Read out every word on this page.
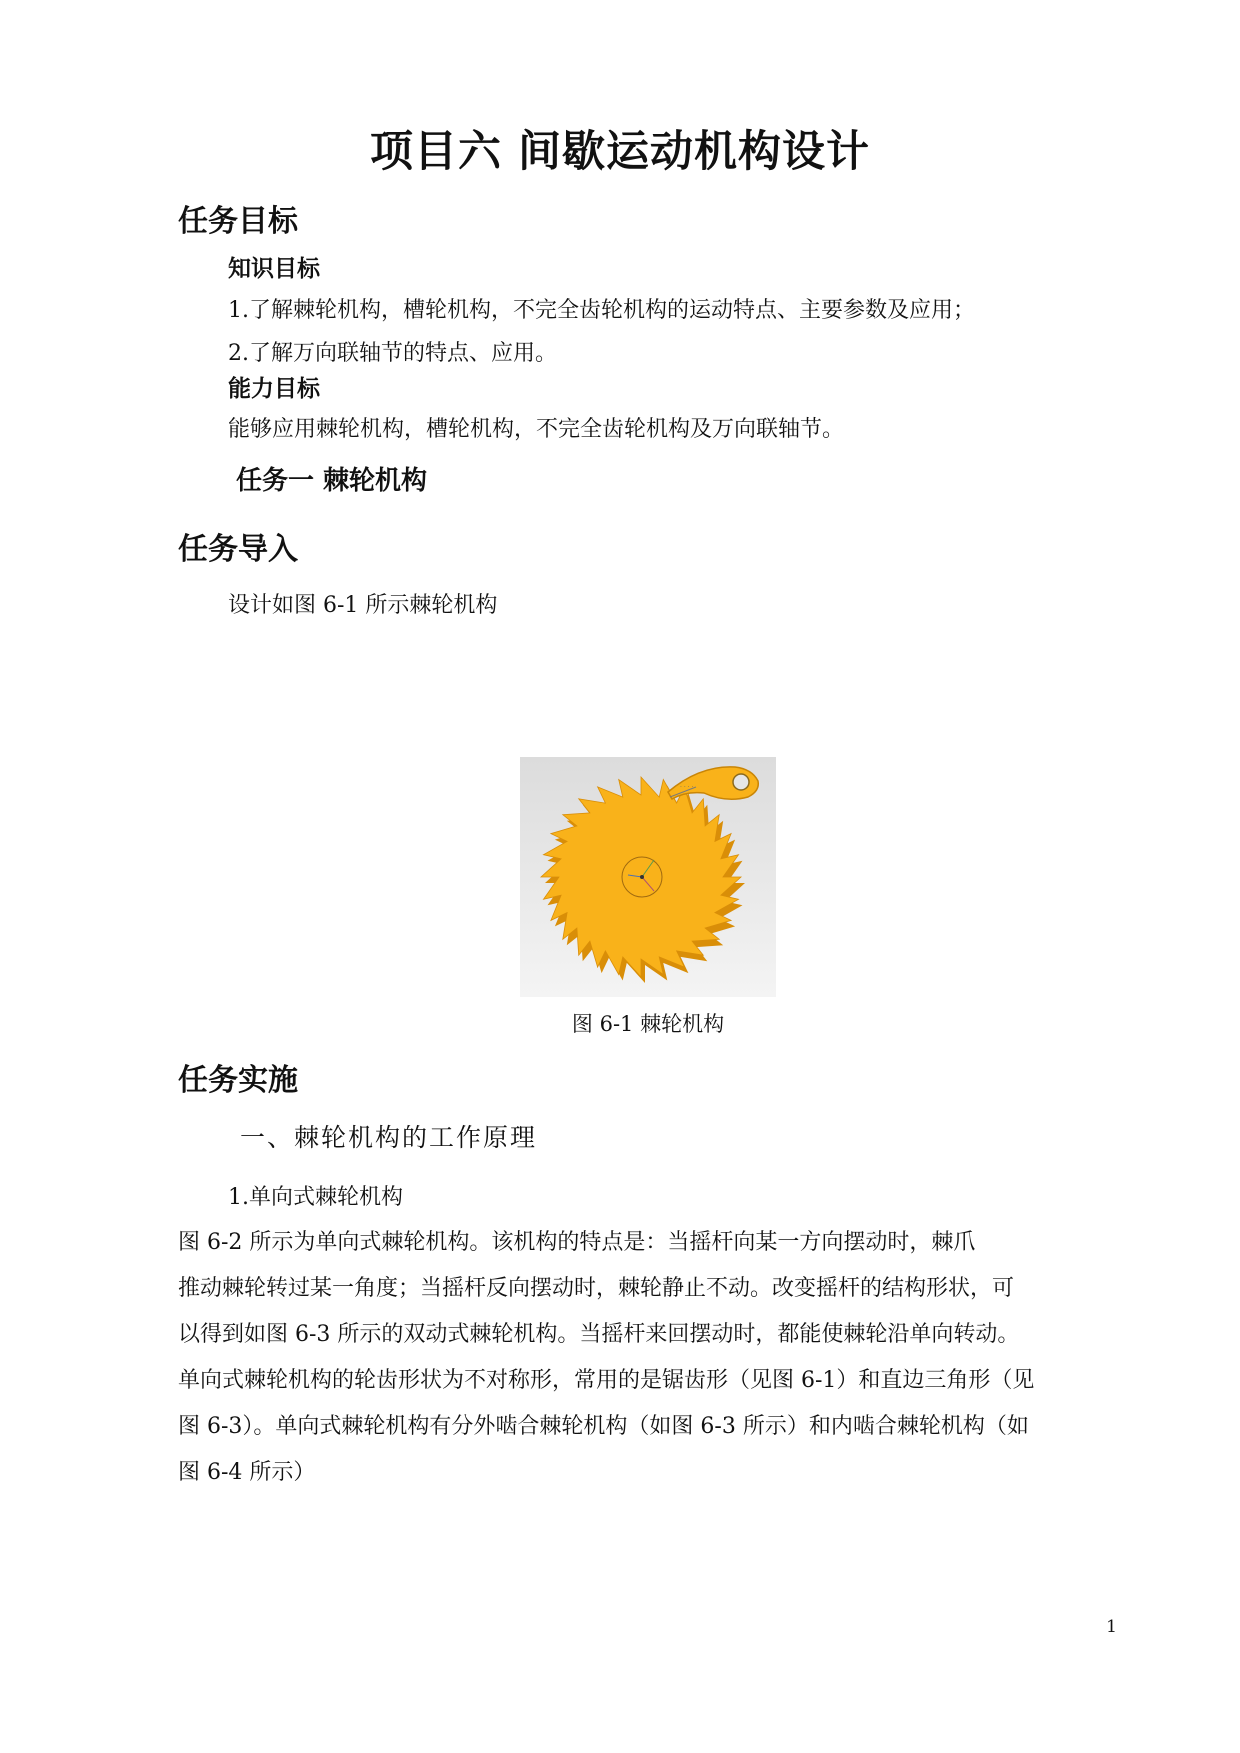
项目六 间歇运动机构设计
任务目标
知识目标
1.了解棘轮机构，槽轮机构，不完全齿轮机构的运动特点、主要参数及应用；
2.了解万向联轴节的特点、应用。
能力目标
能够应用棘轮机构，槽轮机构，不完全齿轮机构及万向联轴节。
任务一 棘轮机构
任务导入
设计如图 6-1 所示棘轮机构
· · · ·
图 6-1 棘轮机构
任务实施
一、棘轮机构的工作原理
1.单向式棘轮机构
图 6-2 所示为单向式棘轮机构。该机构的特点是：当摇杆向某一方向摆动时，棘爪
推动棘轮转过某一角度；当摇杆反向摆动时，棘轮静止不动。改变摇杆的结构形状，可
以得到如图 6-3 所示的双动式棘轮机构。当摇杆来回摆动时，都能使棘轮沿单向转动。
单向式棘轮机构的轮齿形状为不对称形，常用的是锯齿形（见图 6-1）和直边三角形（见
图 6-3）。单向式棘轮机构有分外啮合棘轮机构（如图 6-3 所示）和内啮合棘轮机构（如
图 6-4 所示）
1
